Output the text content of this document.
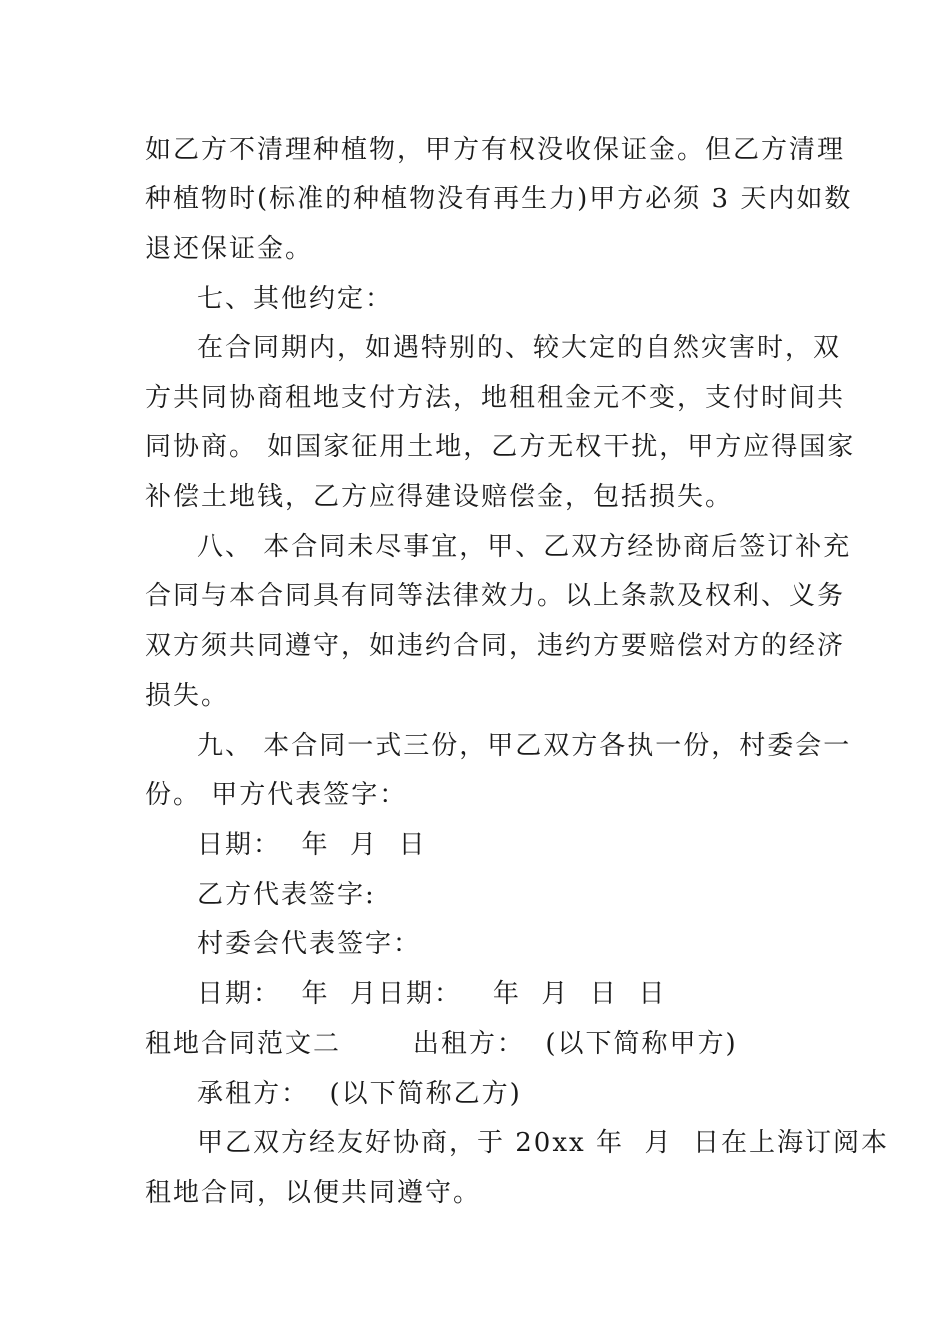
如乙方不清理种植物，甲方有权没收保证金。但乙方清理
种植物时(标准的种植物没有再生力)甲方必须 3 天内如数
退还保证金。
七、其他约定：
在合同期内，如遇特别的、较大定的自然灾害时，双
方共同协商租地支付方法，地租租金元不变，支付时间共
同协商。 如国家征用土地，乙方无权干扰，甲方应得国家
补偿土地钱，乙方应得建设赔偿金，包括损失。
八、 本合同未尽事宜，甲、乙双方经协商后签订补充
合同与本合同具有同等法律效力。以上条款及权利、义务
双方须共同遵守，如违约合同，违约方要赔偿对方的经济
损失。
九、 本合同一式三份，甲乙双方各执一份，村委会一
份。 甲方代表签字：
日期：  年  月  日
乙方代表签字:
村委会代表签字：
日期：  年  月日期：   年  月  日  日
租地合同范文二       出租方：  (以下简称甲方)
承租方：  (以下简称乙方)
甲乙双方经友好协商，于 20xx 年  月  日在上海订阅本
租地合同，以便共同遵守。
